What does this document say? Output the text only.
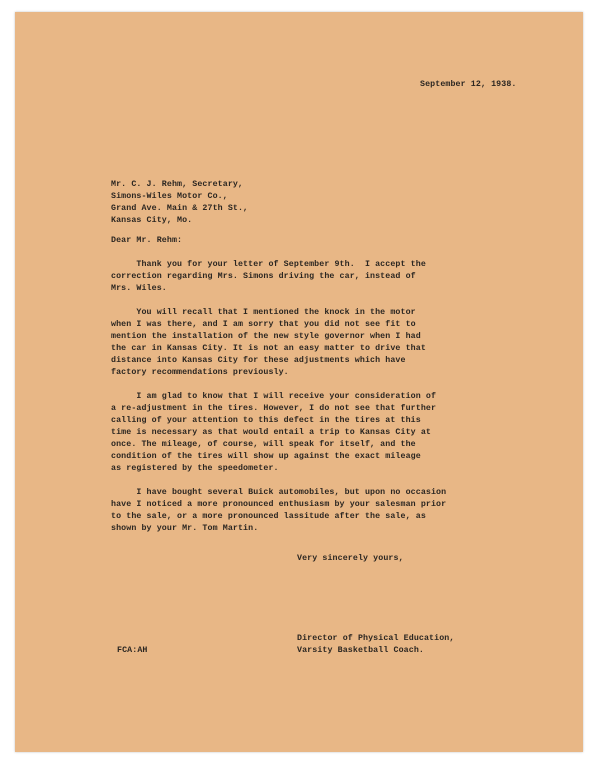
September 12, 1938.
Mr. C. J. Rehm, Secretary,
Simons-Wiles Motor Co.,
Grand Ave. Main & 27th St.,
Kansas City, Mo.
Dear Mr. Rehm:
Thank you for your letter of September 9th.  I accept the
correction regarding Mrs. Simons driving the car, instead of
Mrs. Wiles.
You will recall that I mentioned the knock in the motor
when I was there, and I am sorry that you did not see fit to
mention the installation of the new style governor when I had
the car in Kansas City. It is not an easy matter to drive that
distance into Kansas City for these adjustments which have
factory recommendations previously.
I am glad to know that I will receive your consideration of
a re-adjustment in the tires. However, I do not see that further
calling of your attention to this defect in the tires at this
time is necessary as that would entail a trip to Kansas City at
once. The mileage, of course, will speak for itself, and the
condition of the tires will show up against the exact mileage
as registered by the speedometer.
I have bought several Buick automobiles, but upon no occasion
have I noticed a more pronounced enthusiasm by your salesman prior
to the sale, or a more pronounced lassitude after the sale, as
shown by your Mr. Tom Martin.
Very sincerely yours,
FCA:AH
Director of Physical Education,
Varsity Basketball Coach.
